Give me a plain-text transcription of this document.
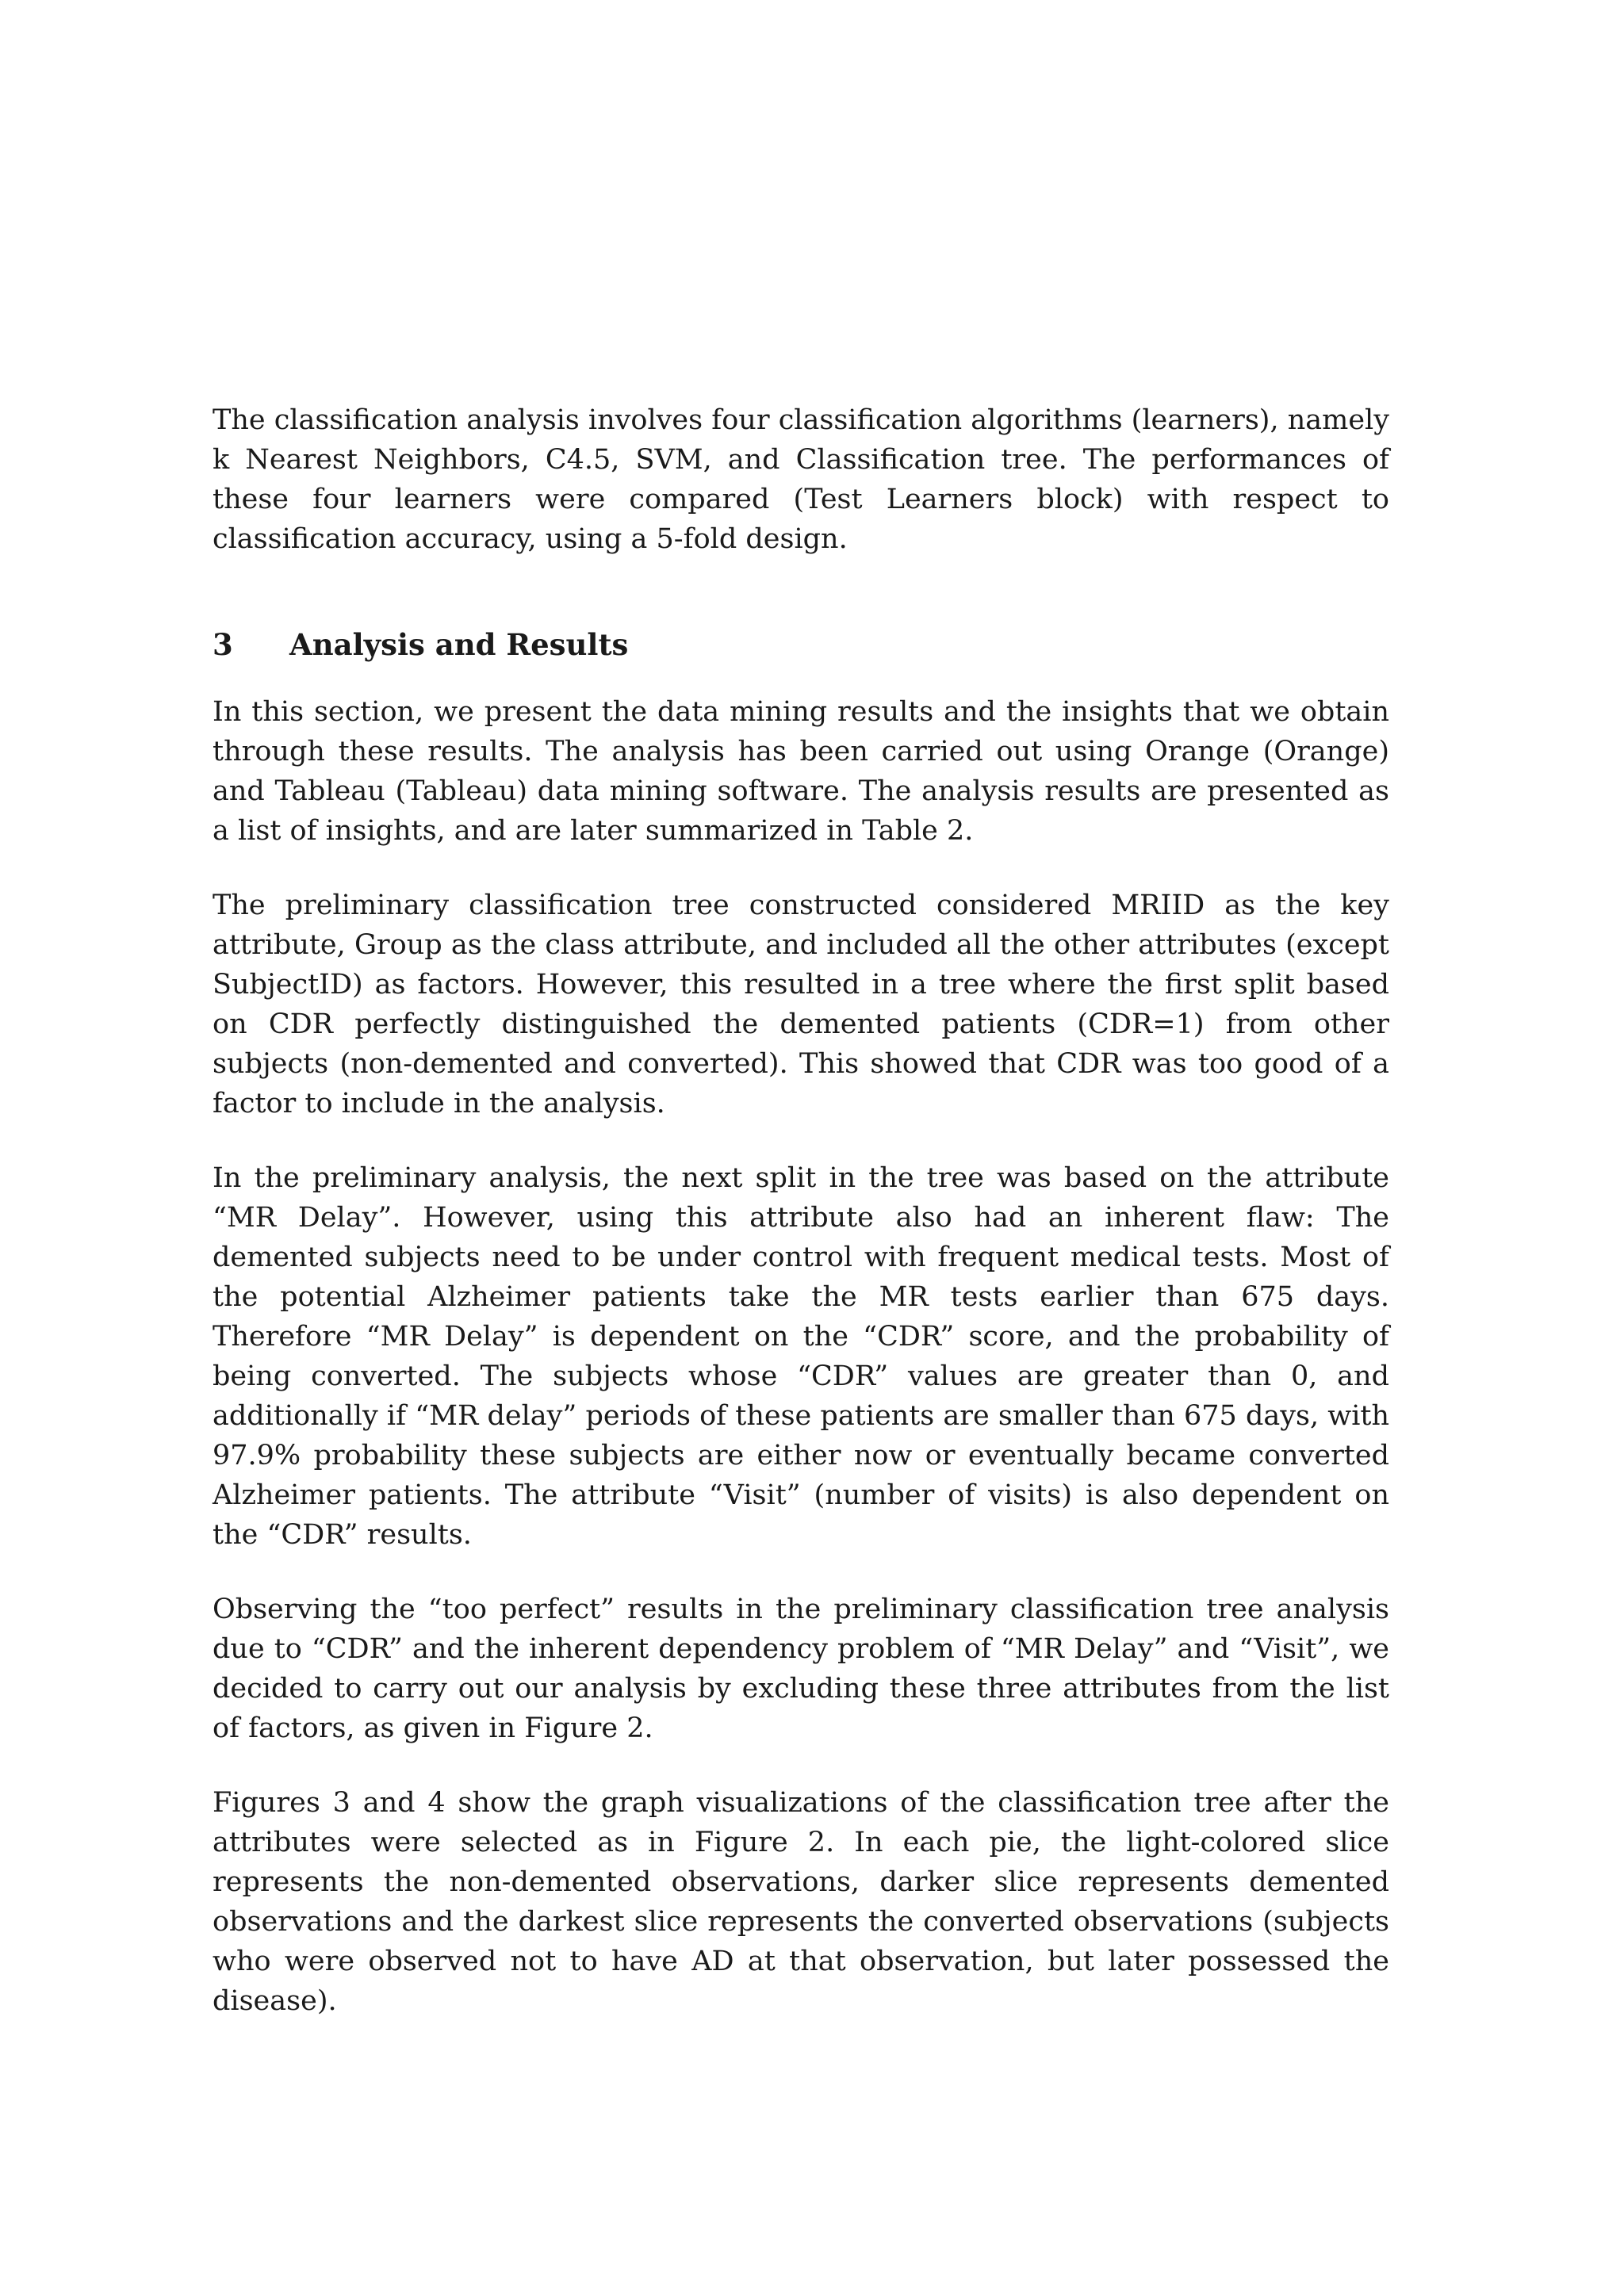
The classification analysis involves four classification algorithms (learners), namely k Nearest Neighbors, C4.5, SVM, and Classification tree. The performances of these four learners were compared (Test Learners block) with respect to classification accuracy, using a 5-fold design.

3	Analysis and Results

In this section, we present the data mining results and the insights that we obtain through these results. The analysis has been carried out using Orange (Orange) and Tableau (Tableau) data mining software. The analysis results are presented as a list of insights, and are later summarized in Table 2.

The preliminary classification tree constructed considered MRIID as the key attribute, Group as the class attribute, and included all the other attributes (except SubjectID) as factors. However, this resulted in a tree where the first split based on CDR perfectly distinguished the demented patients (CDR=1) from other subjects (non-demented and converted). This showed that CDR was too good of a factor to include in the analysis.

In the preliminary analysis, the next split in the tree was based on the attribute “MR Delay”. However, using this attribute also had an inherent flaw: The demented subjects need to be under control with frequent medical tests. Most of the potential Alzheimer patients take the MR tests earlier than 675 days. Therefore “MR Delay” is dependent on the “CDR” score, and the probability of being converted. The subjects whose “CDR” values are greater than 0, and additionally if “MR delay” periods of these patients are smaller than 675 days, with 97.9% probability these subjects are either now or eventually became converted Alzheimer patients. The attribute “Visit” (number of visits) is also dependent on the “CDR” results.

Observing the “too perfect” results in the preliminary classification tree analysis due to “CDR” and the inherent dependency problem of “MR Delay” and “Visit”, we decided to carry out our analysis by excluding these three attributes from the list of factors, as given in Figure 2.

Figures 3 and 4 show the graph visualizations of the classification tree after the attributes were selected as in Figure 2. In each pie, the light-colored slice represents the non-demented observations, darker slice represents demented observations and the darkest slice represents the converted observations (subjects who were observed not to have AD at that observation, but later possessed the disease).
